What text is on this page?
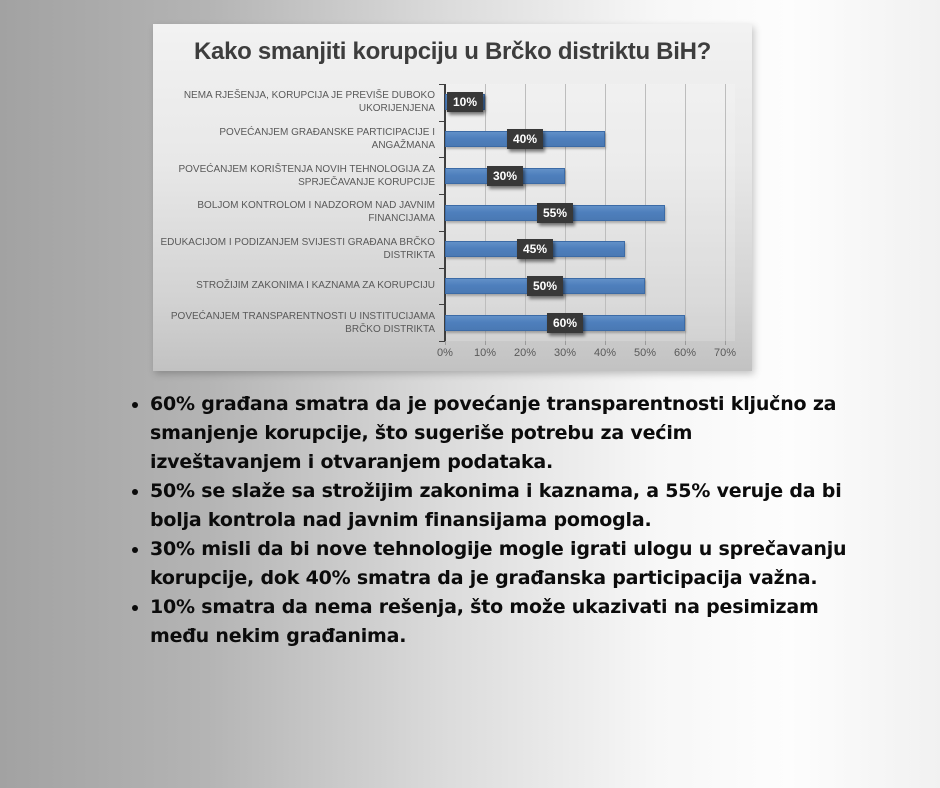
Kako smanjiti korupciju u Brčko distriktu BiH?
NEMA RJEŠENJA, KORUPCIJA JE PREVIŠE DUBOKO UKORIJENJENA
POVEĆANJEM GRAĐANSKE PARTICIPACIJE I ANGAŽMANA
POVEĆANJEM KORIŠTENJA NOVIH TEHNOLOGIJA ZA SPRJEČAVANJE KORUPCIJE
BOLJOM KONTROLOM I NADZOROM NAD JAVNIM FINANCIJAMA
EDUKACIJOM I PODIZANJEM SVIJESTI GRAĐANA BRČKO DISTRIKTA
STROŽIJIM ZAKONIMA I KAZNAMA ZA KORUPCIJU
POVEĆANJEM TRANSPARENTNOSTI U INSTITUCIJAMA BRČKO DISTRIKTA
10%
40%
30%
55%
45%
50%
60%
0% 10% 20% 30% 40% 50% 60% 70%
• 60% građana smatra da je povećanje transparentnosti ključno za smanjenje korupcije, što sugeriše potrebu za većim izveštavanjem i otvaranjem podataka.
• 50% se slaže sa strožijim zakonima i kaznama, a 55% veruje da bi bolja kontrola nad javnim finansijama pomogla.
• 30% misli da bi nove tehnologije mogle igrati ulogu u sprečavanju korupcije, dok 40% smatra da je građanska participacija važna.
• 10% smatra da nema rešenja, što može ukazivati na pesimizam među nekim građanima.
